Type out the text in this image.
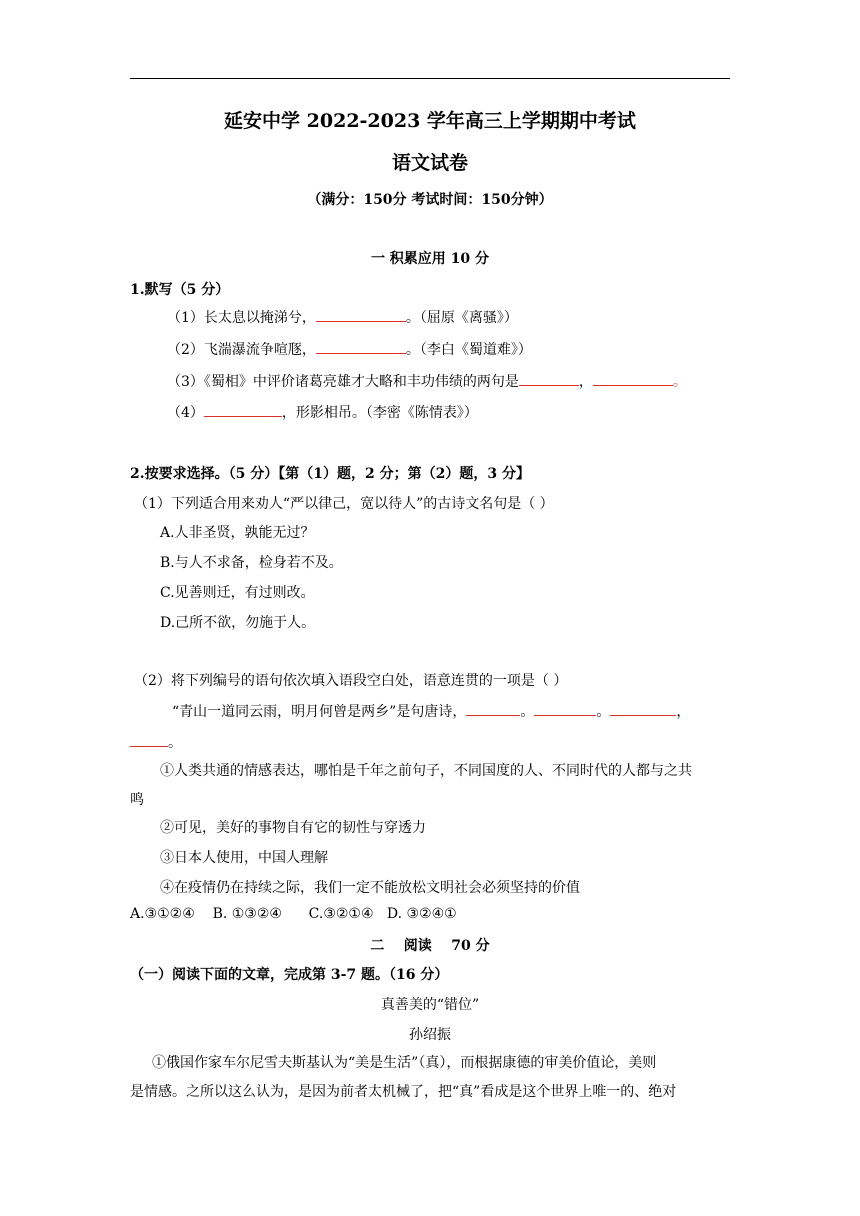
延安中学 2022-2023 学年高三上学期期中考试
语文试卷
（满分：150分 考试时间：150分钟）
一 积累应用 10 分
1.默写（5 分）
（1）长太息以掩涕兮，	。（屈原《离骚》）
（2）飞湍瀑流争喧豗，	。（李白《蜀道难》）
（3）《蜀相》中评价诸葛亮雄才大略和丰功伟绩的两句是	，	。
（4）	，形影相吊。（李密《陈情表》）
2.按要求选择。（5 分）【第（1）题，2 分；第（2）题，3 分】
（1）下列适合用来劝人“严以律己，宽以待人”的古诗文名句是（ ）
A.人非圣贤，孰能无过？
B.与人不求备，检身若不及。
C.见善则迁，有过则改。
D.己所不欲，勿施于人。
（2）将下列编号的语句依次填入语段空白处，语意连贯的一项是（ ）
“青山一道同云雨，明月何曾是两乡”是句唐诗，	。	。	，
。
①人类共通的情感表达，哪怕是千年之前句子，不同国度的人、不同时代的人都与之共
鸣
②可见，美好的事物自有它的韧性与穿透力
③日本人使用，中国人理解
④在疫情仍在持续之际，我们一定不能放松文明社会必须坚持的价值
A.③①②④    B. ①③②④      C.③②①④   D. ③②④①
二    阅读    70 分
（一）阅读下面的文章，完成第 3-7 题。（16 分）
真善美的“错位”
孙绍振
①俄国作家车尔尼雪夫斯基认为“美是生活”（真），而根据康德的审美价值论，美则
是情感。之所以这么认为，是因为前者太机械了，把“真”看成是这个世界上唯一的、绝对
